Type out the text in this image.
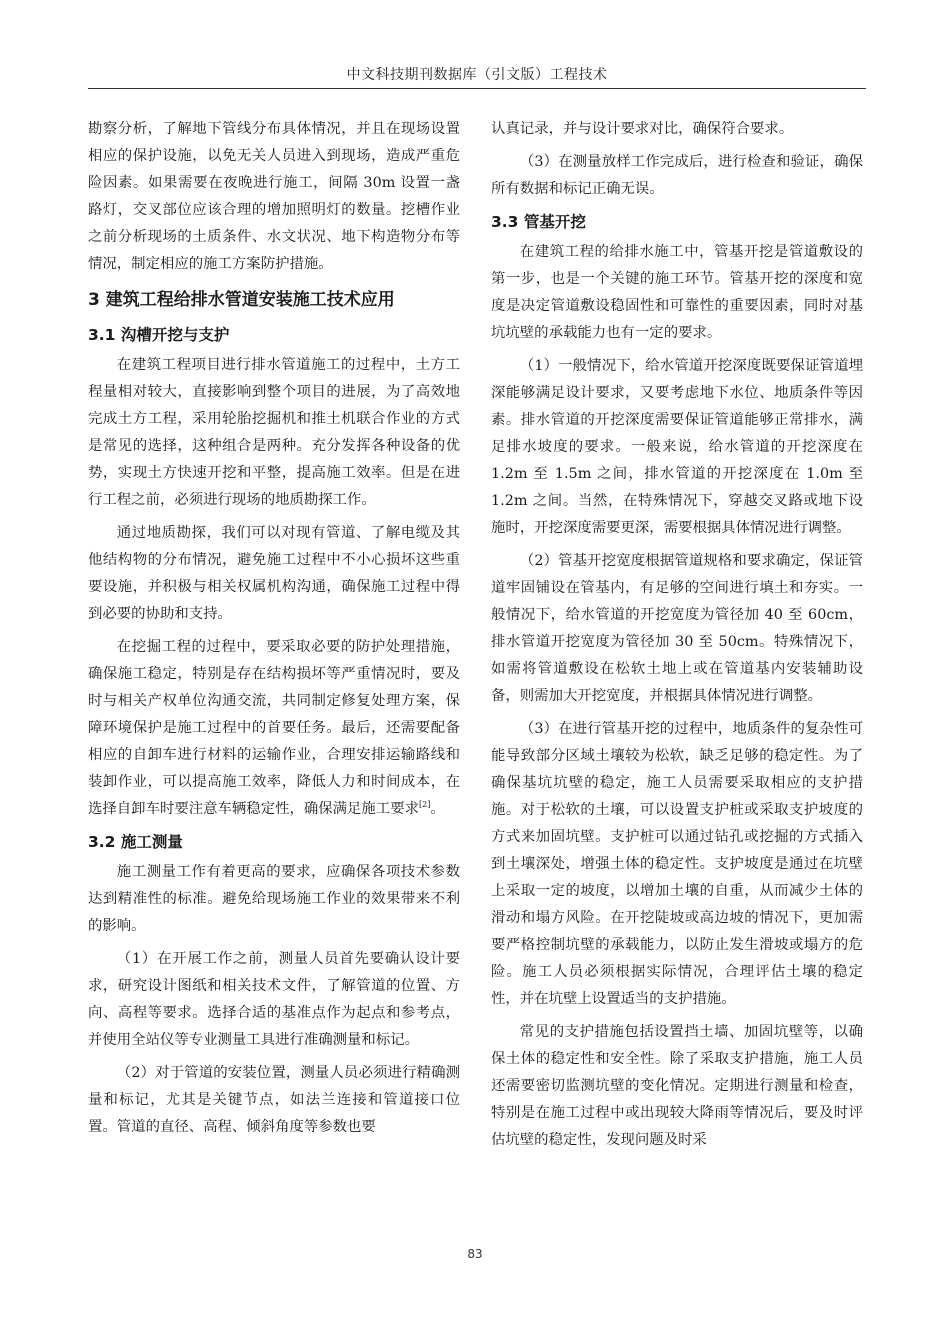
中文科技期刊数据库（引文版）工程技术

勘察分析，了解地下管线分布具体情况，并且在现场设置相应的保护设施，以免无关人员进入到现场，造成严重危险因素。如果需要在夜晚进行施工，间隔 30m 设置一盏路灯，交叉部位应该合理的增加照明灯的数量。挖槽作业之前分析现场的土质条件、水文状况、地下构造物分布等情况，制定相应的施工方案防护措施。

3 建筑工程给排水管道安装施工技术应用
3.1 沟槽开挖与支护

在建筑工程项目进行排水管道施工的过程中，土方工程量相对较大，直接影响到整个项目的进展，为了高效地完成土方工程，采用轮胎挖掘机和推土机联合作业的方式是常见的选择，这种组合是两种。充分发挥各种设备的优势，实现土方快速开挖和平整，提高施工效率。但是在进行工程之前，必须进行现场的地质勘探工作。

通过地质勘探，我们可以对现有管道、了解电缆及其他结构物的分布情况，避免施工过程中不小心损坏这些重要设施，并积极与相关权属机构沟通，确保施工过程中得到必要的协助和支持。

在挖掘工程的过程中，要采取必要的防护处理措施，确保施工稳定，特别是存在结构损坏等严重情况时，要及时与相关产权单位沟通交流，共同制定修复处理方案，保障环境保护是施工过程中的首要任务。最后，还需要配备相应的自卸车进行材料的运输作业，合理安排运输路线和装卸作业，可以提高施工效率，降低人力和时间成本，在选择自卸车时要注意车辆稳定性，确保满足施工要求[2]。

3.2 施工测量

施工测量工作有着更高的要求，应确保各项技术参数达到精准性的标准。避免给现场施工作业的效果带来不利的影响。

（1）在开展工作之前，测量人员首先要确认设计要求，研究设计图纸和相关技术文件，了解管道的位置、方向、高程等要求。选择合适的基准点作为起点和参考点，并使用全站仪等专业测量工具进行准确测量和标记。

（2）对于管道的安装位置，测量人员必须进行精确测量和标记，尤其是关键节点，如法兰连接和管道接口位置。管道的直径、高程、倾斜角度等参数也要

认真记录，并与设计要求对比，确保符合要求。

（3）在测量放样工作完成后，进行检查和验证，确保所有数据和标记正确无误。

3.3 管基开挖

在建筑工程的给排水施工中，管基开挖是管道敷设的第一步，也是一个关键的施工环节。管基开挖的深度和宽度是决定管道敷设稳固性和可靠性的重要因素，同时对基坑坑壁的承载能力也有一定的要求。

（1）一般情况下，给水管道开挖深度既要保证管道埋深能够满足设计要求，又要考虑地下水位、地质条件等因素。排水管道的开挖深度需要保证管道能够正常排水，满足排水坡度的要求。一般来说，给水管道的开挖深度在 1.2m 至 1.5m 之间，排水管道的开挖深度在 1.0m 至 1.2m 之间。当然，在特殊情况下，穿越交叉路或地下设施时，开挖深度需要更深，需要根据具体情况进行调整。

（2）管基开挖宽度根据管道规格和要求确定，保证管道牢固铺设在管基内，有足够的空间进行填土和夯实。一般情况下，给水管道的开挖宽度为管径加 40 至 60cm，排水管道开挖宽度为管径加 30 至 50cm。特殊情况下，如需将管道敷设在松软土地上或在管道基内安装辅助设备，则需加大开挖宽度，并根据具体情况进行调整。

（3）在进行管基开挖的过程中，地质条件的复杂性可能导致部分区域土壤较为松软，缺乏足够的稳定性。为了确保基坑坑壁的稳定，施工人员需要采取相应的支护措施。对于松软的土壤，可以设置支护桩或采取支护坡度的方式来加固坑壁。支护桩可以通过钻孔或挖掘的方式插入到土壤深处，增强土体的稳定性。支护坡度是通过在坑壁上采取一定的坡度，以增加土壤的自重，从而减少土体的滑动和塌方风险。在开挖陡坡或高边坡的情况下，更加需要严格控制坑壁的承载能力，以防止发生滑坡或塌方的危险。施工人员必须根据实际情况，合理评估土壤的稳定性，并在坑壁上设置适当的支护措施。

常见的支护措施包括设置挡土墙、加固坑壁等，以确保土体的稳定性和安全性。除了采取支护措施，施工人员还需要密切监测坑壁的变化情况。定期进行测量和检查，特别是在施工过程中或出现较大降雨等情况后，要及时评估坑壁的稳定性，发现问题及时采

83
